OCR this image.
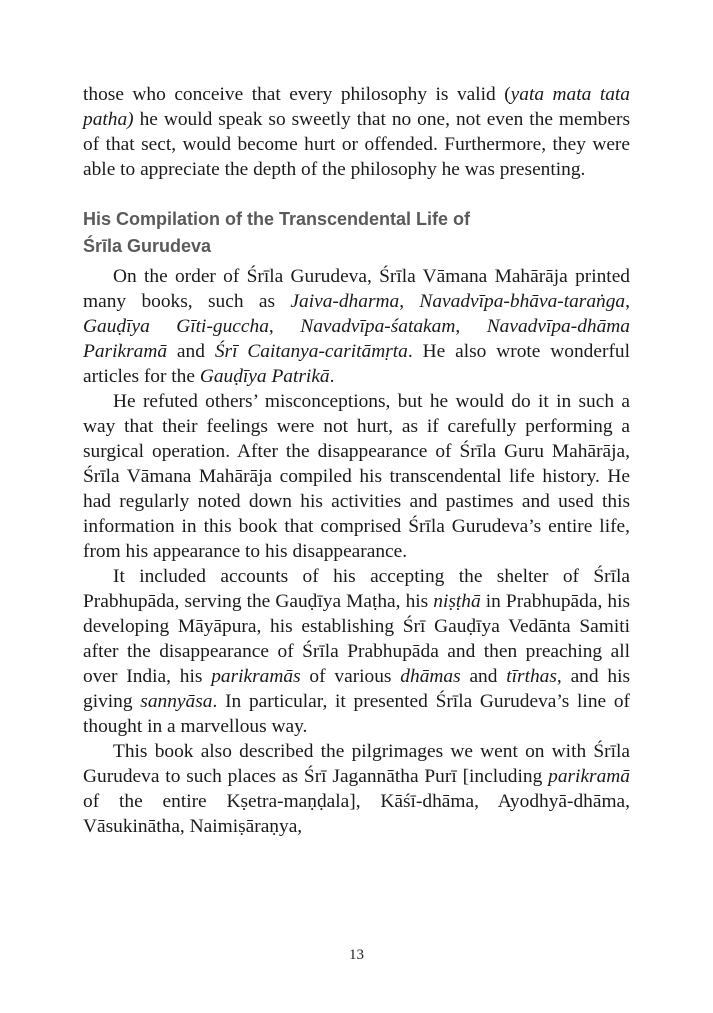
those who conceive that every philosophy is valid (yata mata tata patha) he would speak so sweetly that no one, not even the members of that sect, would become hurt or offended. Furthermore, they were able to appreciate the depth of the philosophy he was presenting.

His Compilation of the Transcendental Life of
Śrīla Gurudeva

On the order of Śrīla Gurudeva, Śrīla Vāmana Mahārāja printed many books, such as Jaiva-dharma, Navadvīpa-bhāva-taraṅga, Gauḍīya Gīti-guccha, Navadvīpa-śatakam, Navadvīpa-dhāma Parikramā and Śrī Caitanya-caritāmṛta. He also wrote wonderful articles for the Gauḍīya Patrikā.

He refuted others’ misconceptions, but he would do it in such a way that their feelings were not hurt, as if carefully performing a surgical operation. After the disappearance of Śrīla Guru Mahārāja, Śrīla Vāmana Mahārāja compiled his transcendental life history. He had regularly noted down his activities and pastimes and used this information in this book that comprised Śrīla Gurudeva’s entire life, from his appearance to his disappearance.

It included accounts of his accepting the shelter of Śrīla Prabhupāda, serving the Gauḍīya Maṭha, his niṣṭhā in Prabhupāda, his developing Māyāpura, his establishing Śrī Gauḍīya Vedānta Samiti after the disappearance of Śrīla Prabhupāda and then preaching all over India, his parikramās of various dhāmas and tīrthas, and his giving sannyāsa. In particular, it presented Śrīla Gurudeva’s line of thought in a marvellous way.

This book also described the pilgrimages we went on with Śrīla Gurudeva to such places as Śrī Jagannātha Purī [including parikramā of the entire Kṣetra-maṇḍala], Kāśī-dhāma, Ayodhyā-dhāma, Vāsukinātha, Naimiṣāraṇya,

13
